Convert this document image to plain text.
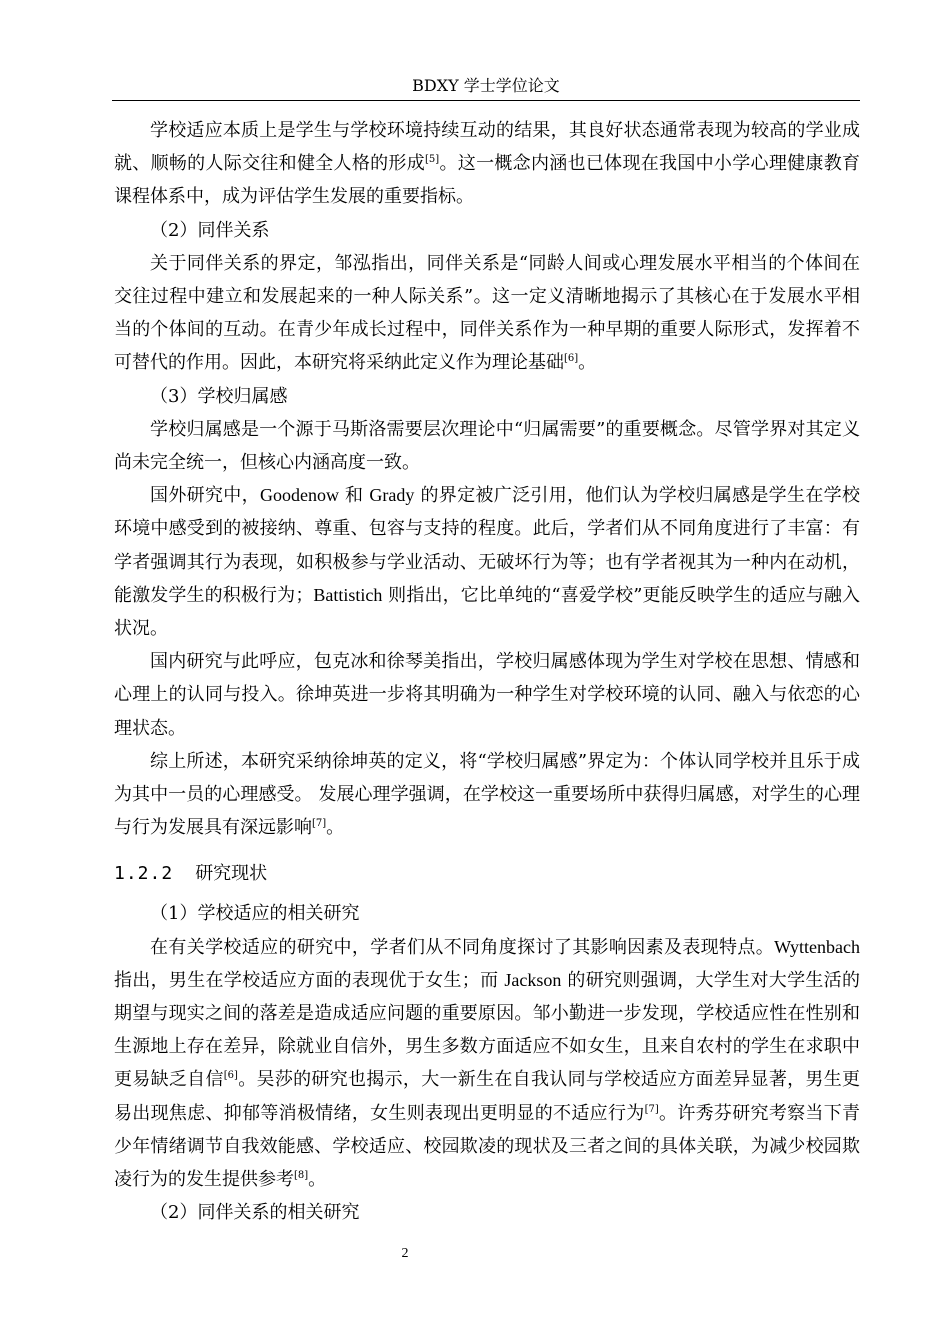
BDXY 学士学位论文

学校适应本质上是学生与学校环境持续互动的结果，其良好状态通常表现为较高的学业成就、顺畅的人际交往和健全人格的形成[5]。这一概念内涵也已体现在我国中小学心理健康教育课程体系中，成为评估学生发展的重要指标。

（2）同伴关系

关于同伴关系的界定，邹泓指出，同伴关系是“同龄人间或心理发展水平相当的个体间在交往过程中建立和发展起来的一种人际关系”。这一定义清晰地揭示了其核心在于发展水平相当的个体间的互动。在青少年成长过程中，同伴关系作为一种早期的重要人际形式，发挥着不可替代的作用。因此，本研究将采纳此定义作为理论基础[6]。

（3）学校归属感

学校归属感是一个源于马斯洛需要层次理论中“归属需要”的重要概念。尽管学界对其定义尚未完全统一，但核心内涵高度一致。

国外研究中，Goodenow 和 Grady 的界定被广泛引用，他们认为学校归属感是学生在学校环境中感受到的被接纳、尊重、包容与支持的程度。此后，学者们从不同角度进行了丰富：有学者强调其行为表现，如积极参与学业活动、无破坏行为等；也有学者视其为一种内在动机，能激发学生的积极行为；Battistich 则指出，它比单纯的“喜爱学校”更能反映学生的适应与融入状况。

国内研究与此呼应，包克冰和徐琴美指出，学校归属感体现为学生对学校在思想、情感和心理上的认同与投入。徐坤英进一步将其明确为一种学生对学校环境的认同、融入与依恋的心理状态。

综上所述，本研究采纳徐坤英的定义，将“学校归属感”界定为：个体认同学校并且乐于成为其中一员的心理感受。 发展心理学强调，在学校这一重要场所中获得归属感，对学生的心理与行为发展具有深远影响[7]。

1.2.2 研究现状

（1）学校适应的相关研究

在有关学校适应的研究中，学者们从不同角度探讨了其影响因素及表现特点。Wyttenbach 指出，男生在学校适应方面的表现优于女生；而 Jackson 的研究则强调，大学生对大学生活的期望与现实之间的落差是造成适应问题的重要原因。邹小勤进一步发现，学校适应性在性别和生源地上存在差异，除就业自信外，男生多数方面适应不如女生，且来自农村的学生在求职中更易缺乏自信[6]。吴莎的研究也揭示，大一新生在自我认同与学校适应方面差异显著，男生更易出现焦虑、抑郁等消极情绪，女生则表现出更明显的不适应行为[7]。许秀芬研究考察当下青少年情绪调节自我效能感、学校适应、校园欺凌的现状及三者之间的具体关联，为减少校园欺凌行为的发生提供参考[8]。

（2）同伴关系的相关研究

2
